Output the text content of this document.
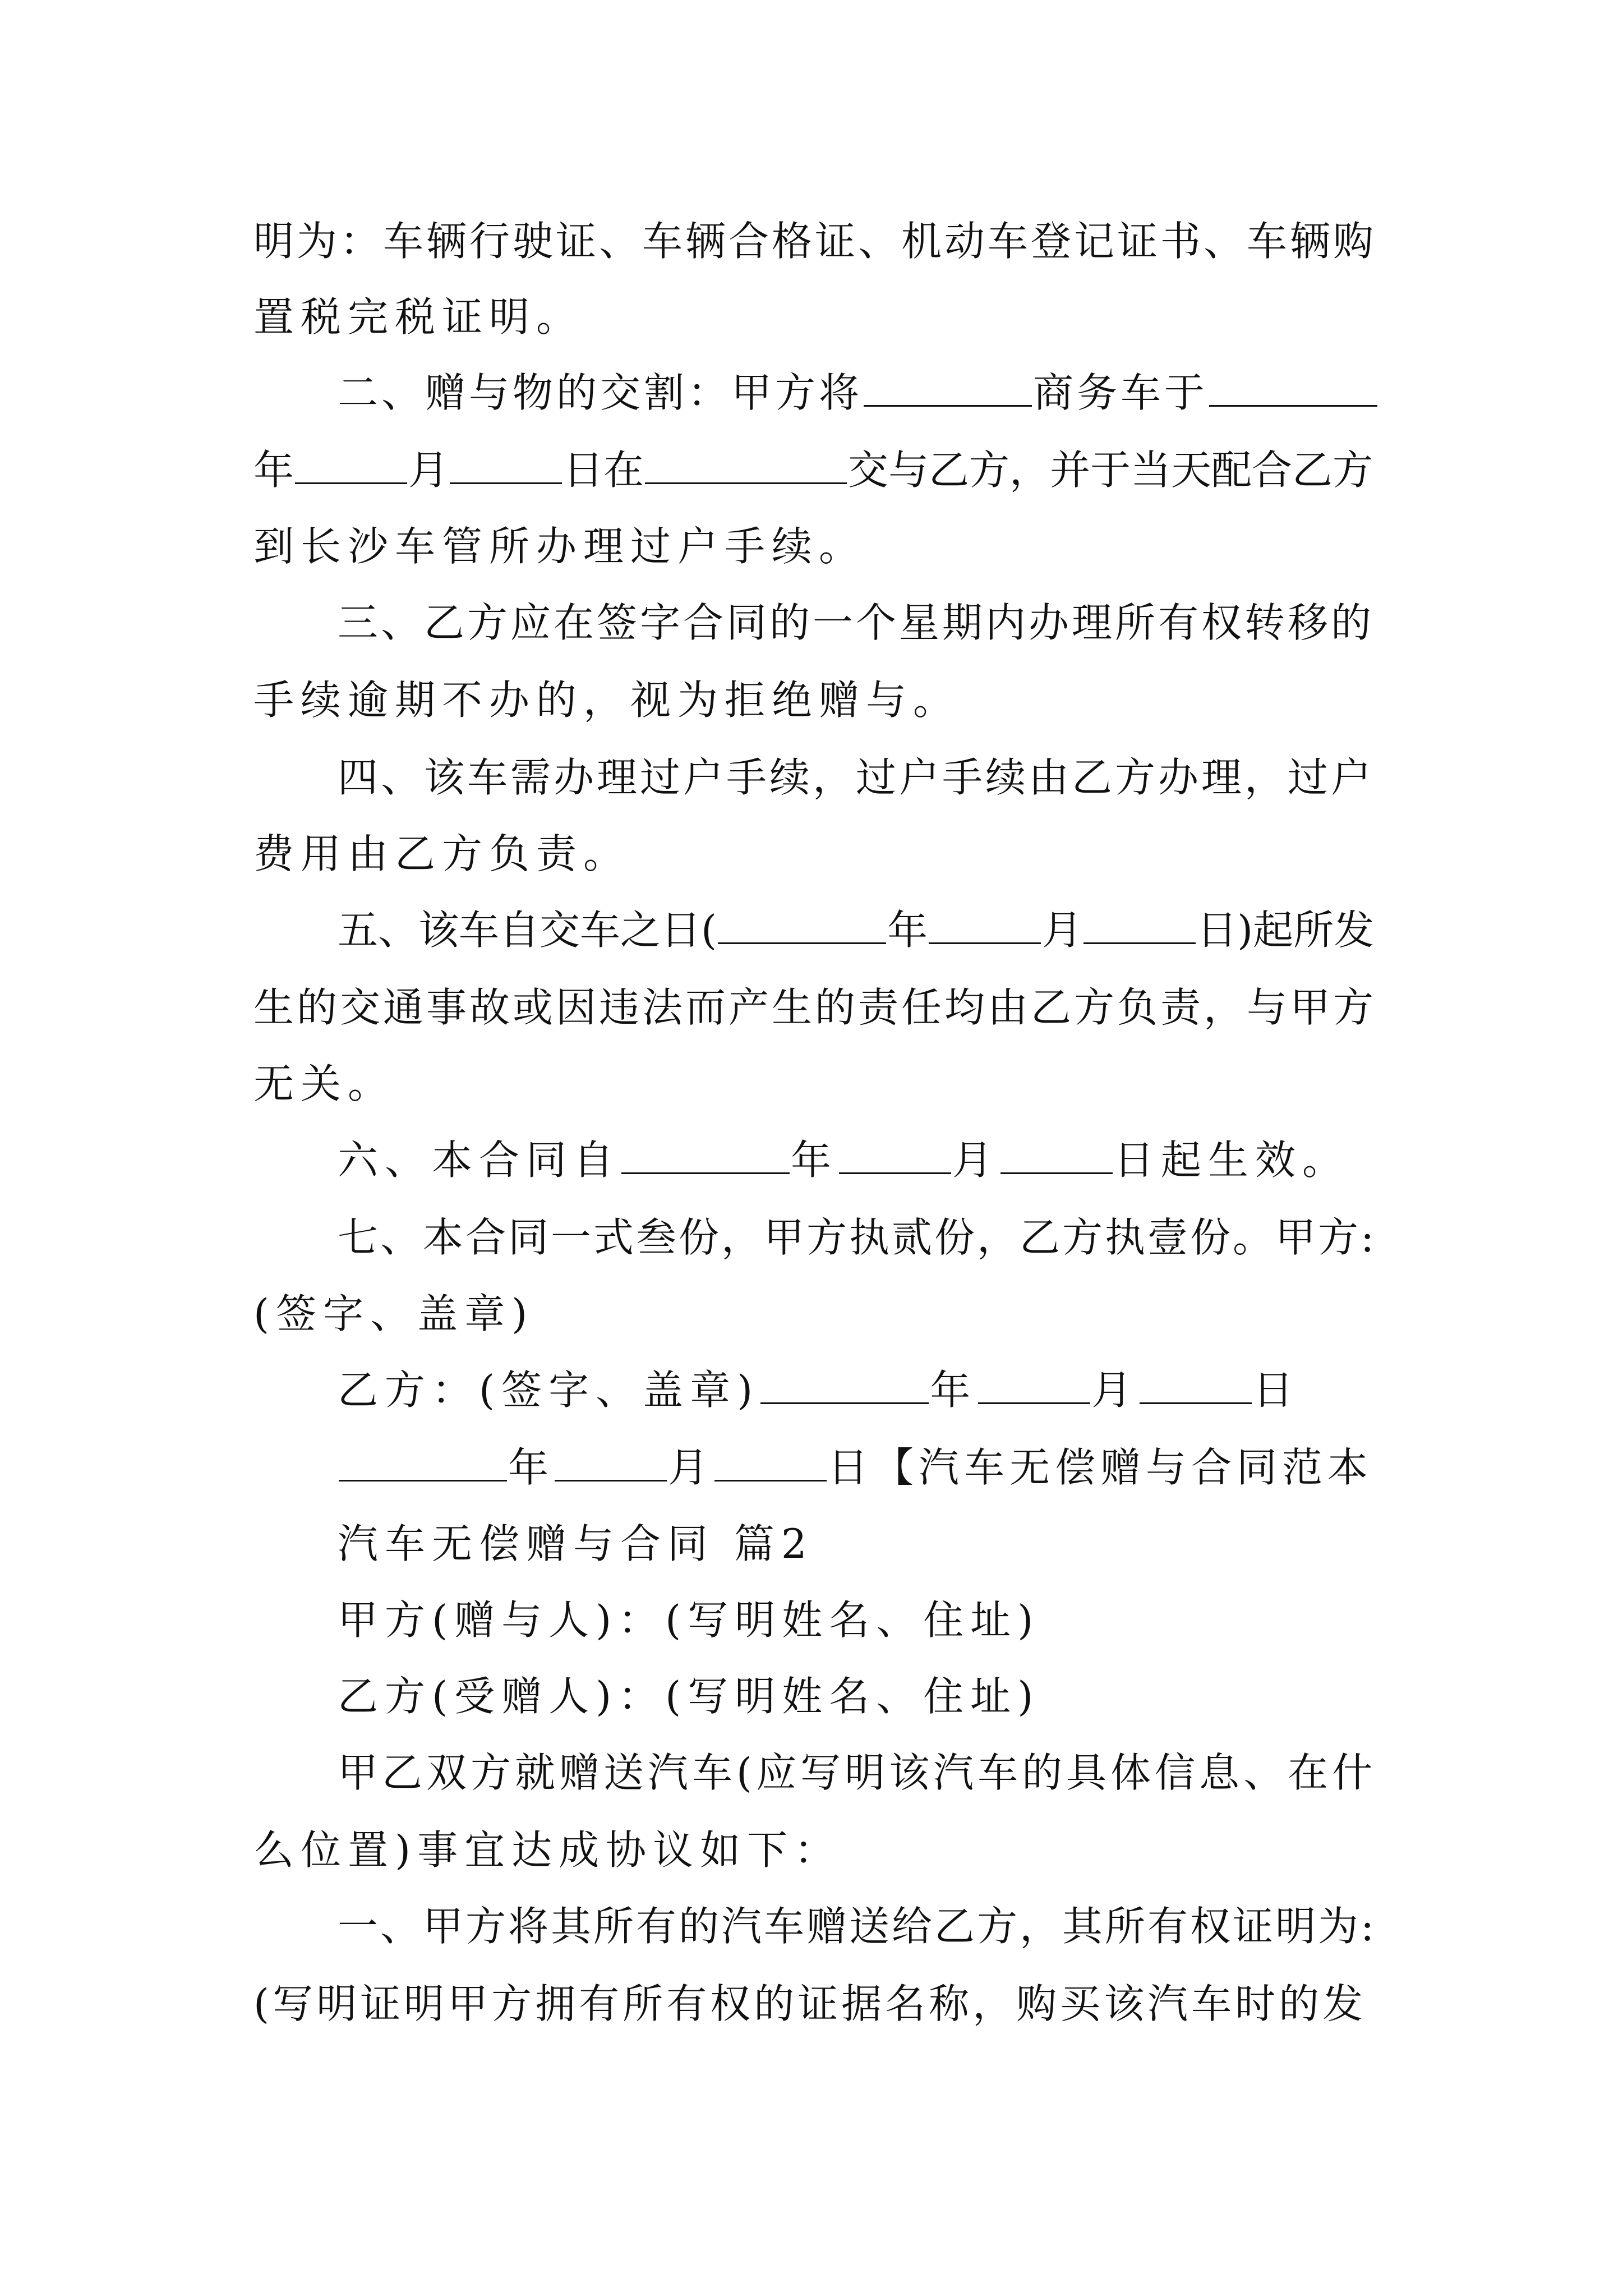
明为：车辆行驶证、车辆合格证、机动车登记证书、车辆购
置税完税证明。
二、赠与物的交割：甲方将	商务车于
年	月	日在	交与乙方，并于当天配合乙方
到长沙车管所办理过户手续。
三、乙方应在签字合同的一个星期内办理所有权转移的
手续逾期不办的，视为拒绝赠与。
四、该车需办理过户手续，过户手续由乙方办理，过户
费用由乙方负责。
五、该车自交车之日(	年	月	日)起所发
生的交通事故或因违法而产生的责任均由乙方负责，与甲方
无关。
六、本合同自	年	月	日起生效。
七、本合同一式叁份，甲方执贰份，乙方执壹份。甲方:
(签字、盖章)
乙方：(签字、盖章)	年	月	日
年	月	日【汽车无偿赠与合同范本
汽车无偿赠与合同 篇2
甲方(赠与人)：(写明姓名、住址)
乙方(受赠人)：(写明姓名、住址)
甲乙双方就赠送汽车(应写明该汽车的具体信息、在什
么位置)事宜达成协议如下：
一、甲方将其所有的汽车赠送给乙方，其所有权证明为:
(写明证明甲方拥有所有权的证据名称，购买该汽车时的发
